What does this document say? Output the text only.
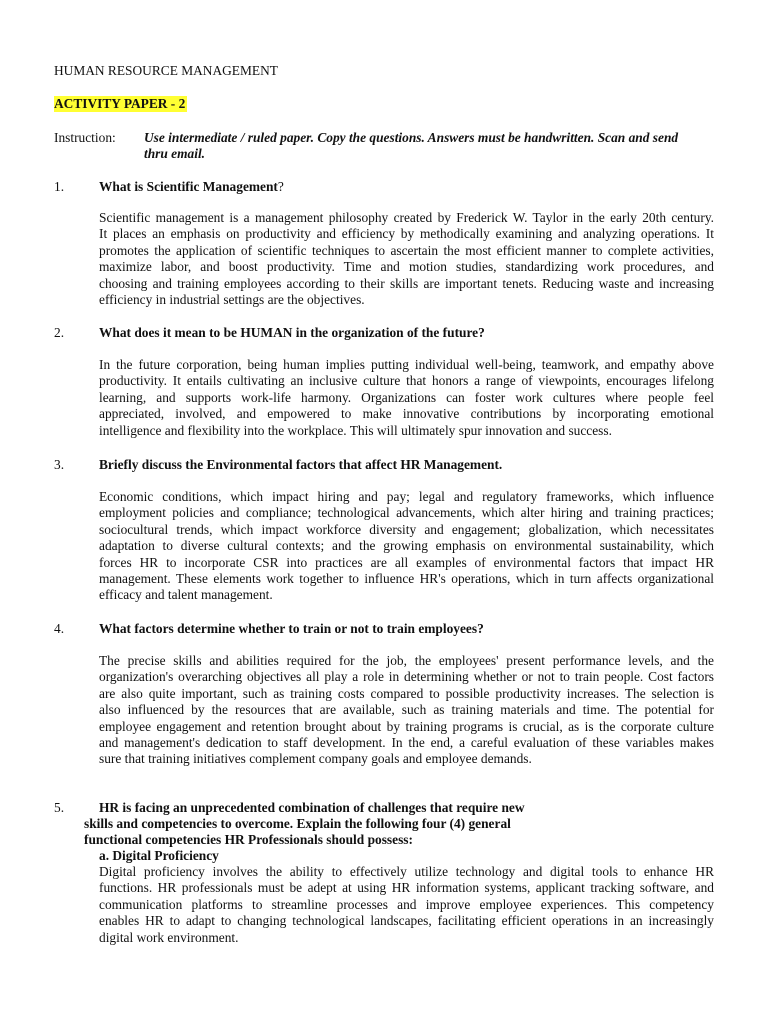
HUMAN RESOURCE MANAGEMENT
ACTIVITY PAPER - 2
Instruction: Use intermediate / ruled paper. Copy the questions. Answers must be handwritten. Scan and send
thru email.
1.	What is Scientific Management?
Scientific management is a management philosophy created by Frederick W. Taylor in the early 20th century.
It places an emphasis on productivity and efficiency by methodically examining and analyzing operations. It
promotes the application of scientific techniques to ascertain the most efficient manner to complete activities,
maximize labor, and boost productivity. Time and motion studies, standardizing work procedures, and
choosing and training employees according to their skills are important tenets. Reducing waste and increasing
efficiency in industrial settings are the objectives.
2.	What does it mean to be HUMAN in the organization of the future?
In the future corporation, being human implies putting individual well-being, teamwork, and empathy above
productivity. It entails cultivating an inclusive culture that honors a range of viewpoints, encourages lifelong
learning, and supports work-life harmony. Organizations can foster work cultures where people feel
appreciated, involved, and empowered to make innovative contributions by incorporating emotional
intelligence and flexibility into the workplace. This will ultimately spur innovation and success.
3.	Briefly discuss the Environmental factors that affect HR Management.
Economic conditions, which impact hiring and pay; legal and regulatory frameworks, which influence
employment policies and compliance; technological advancements, which alter hiring and training practices;
sociocultural trends, which impact workforce diversity and engagement; globalization, which necessitates
adaptation to diverse cultural contexts; and the growing emphasis on environmental sustainability, which
forces HR to incorporate CSR into practices are all examples of environmental factors that impact HR
management. These elements work together to influence HR's operations, which in turn affects organizational
efficacy and talent management.
4.	What factors determine whether to train or not to train employees?
The precise skills and abilities required for the job, the employees' present performance levels, and the
organization's overarching objectives all play a role in determining whether or not to train people. Cost factors
are also quite important, such as training costs compared to possible productivity increases. The selection is
also influenced by the resources that are available, such as training materials and time. The potential for
employee engagement and retention brought about by training programs is crucial, as is the corporate culture
and management's dedication to staff development. In the end, a careful evaluation of these variables makes
sure that training initiatives complement company goals and employee demands.
5.	HR is facing an unprecedented combination of challenges that require new
skills and competencies to overcome. Explain the following four (4) general
functional competencies HR Professionals should possess:
a. Digital Proficiency
Digital proficiency involves the ability to effectively utilize technology and digital tools to enhance HR
functions. HR professionals must be adept at using HR information systems, applicant tracking software, and
communication platforms to streamline processes and improve employee experiences. This competency
enables HR to adapt to changing technological landscapes, facilitating efficient operations in an increasingly
digital work environment.
